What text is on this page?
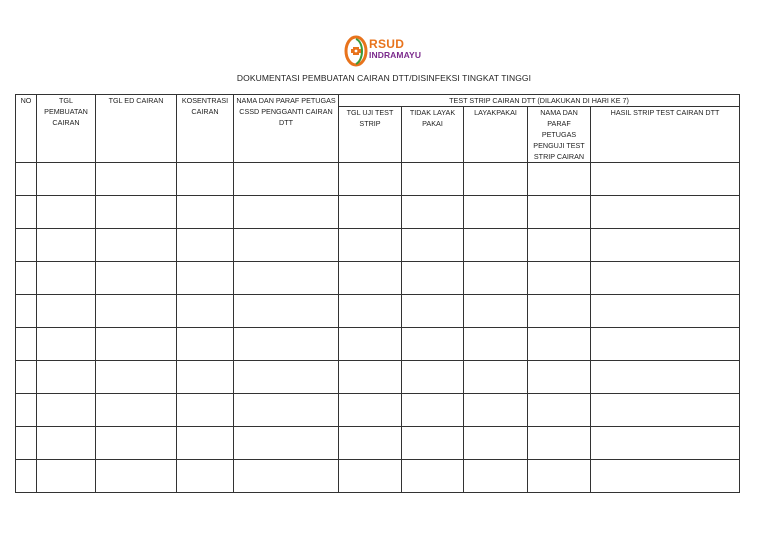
RSUD
INDRAMAYU
DOKUMENTASI PEMBUATAN CAIRAN DTT/DISINFEKSI TINGKAT TINGGI
NO	TGL PEMBUATAN CAIRAN	TGL ED CAIRAN	KOSENTRASI CAIRAN	NAMA DAN PARAF PETUGAS CSSD PENGGANTI CAIRAN DTT	TEST STRIP CAIRAN DTT (DILAKUKAN DI HARI KE 7)				
					TGL UJI TEST STRIP	TIDAK LAYAK PAKAI	LAYAKPAKAI	NAMA DAN PARAF PETUGAS PENGUJI TEST STRIP CAIRAN	HASIL STRIP TEST CAIRAN DTT
